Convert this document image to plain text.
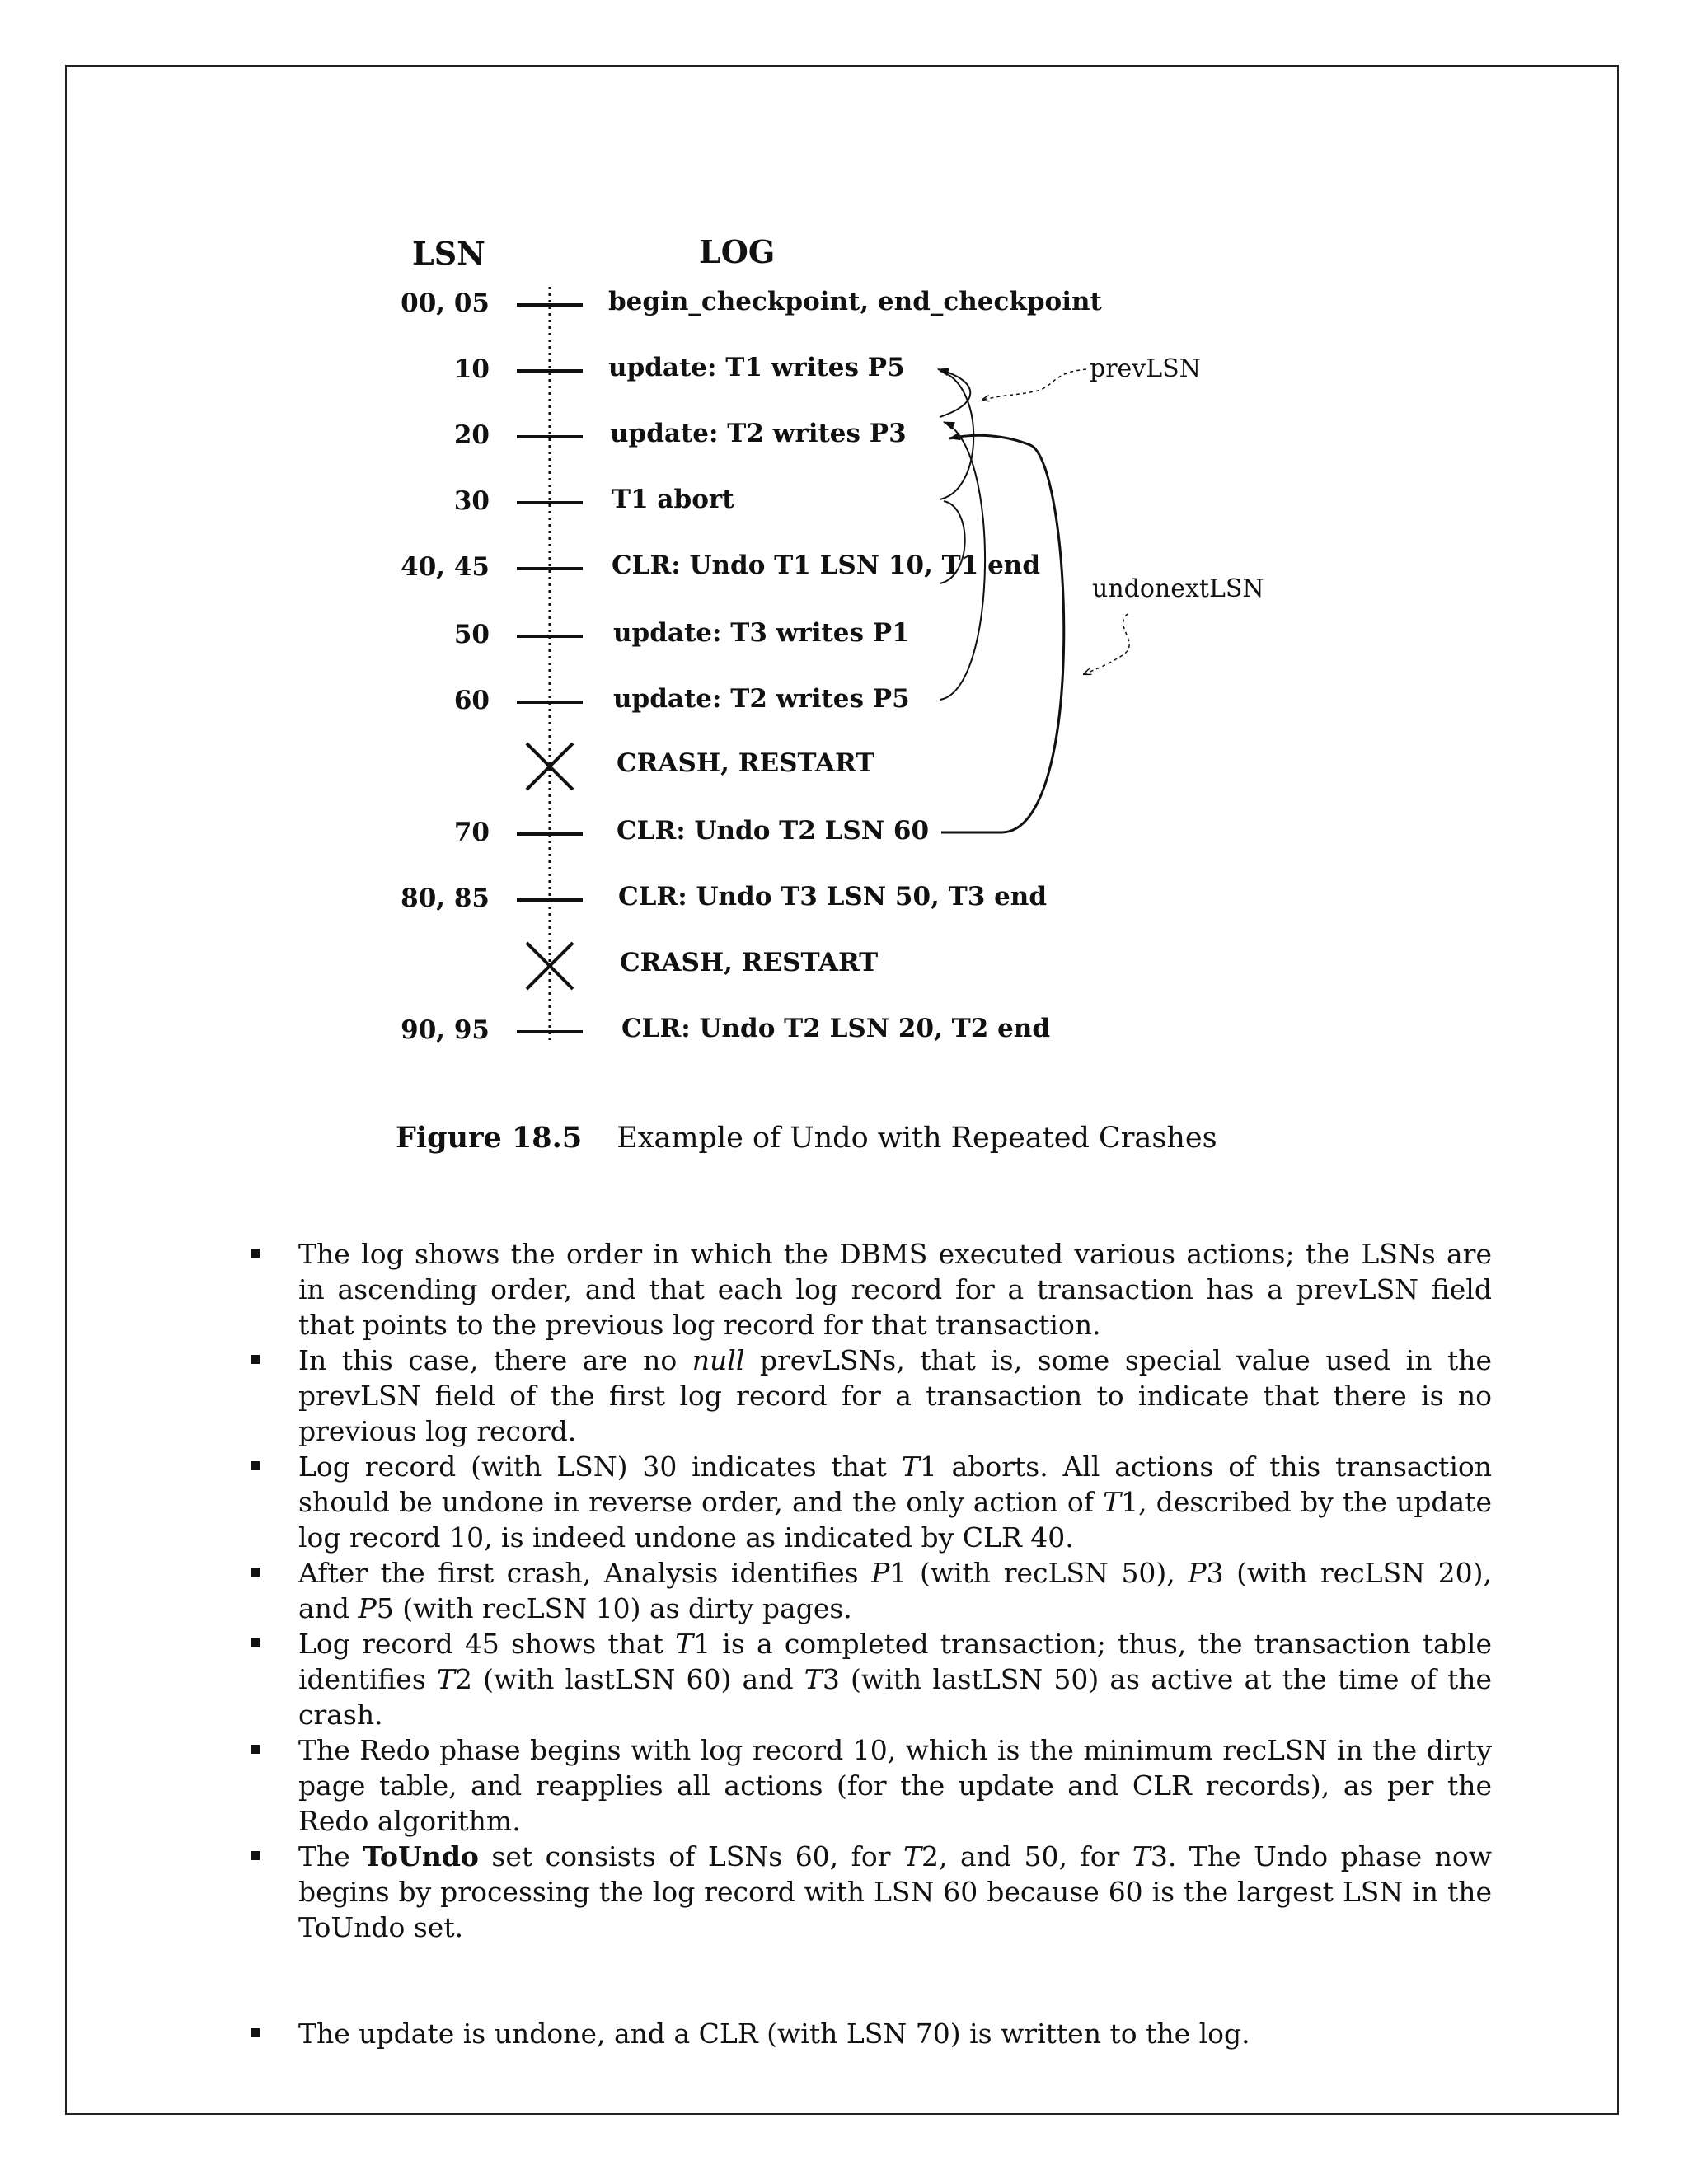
LSN	LOG
00, 05	begin_checkpoint, end_checkpoint
10	update: T1 writes P5
20	update: T2 writes P3
30	T1 abort
40, 45	CLR: Undo T1 LSN 10, T1 end
50	update: T3 writes P1
60	update: T2 writes P5
CRASH, RESTART
70	CLR: Undo T2 LSN 60
80, 85	CLR: Undo T3 LSN 50, T3 end
CRASH, RESTART
90, 95	CLR: Undo T2 LSN 20, T2 end
prevLSN
undonextLSN
Figure 18.5 Example of Undo with Repeated Crashes
The log shows the order in which the DBMS executed various actions; the LSNs are in ascending order, and that each log record for a transaction has a prevLSN field that points to the previous log record for that transaction.
In this case, there are no null prevLSNs, that is, some special value used in the prevLSN field of the first log record for a transaction to indicate that there is no previous log record.
Log record (with LSN) 30 indicates that T1 aborts. All actions of this transaction should be undone in reverse order, and the only action of T1, described by the update log record 10, is indeed undone as indicated by CLR 40.
After the first crash, Analysis identifies P1 (with recLSN 50), P3 (with recLSN 20), and P5 (with recLSN 10) as dirty pages.
Log record 45 shows that T1 is a completed transaction; thus, the transaction table identifies T2 (with lastLSN 60) and T3 (with lastLSN 50) as active at the time of the crash.
The Redo phase begins with log record 10, which is the minimum recLSN in the dirty page table, and reapplies all actions (for the update and CLR records), as per the Redo algorithm.
The ToUndo set consists of LSNs 60, for T2, and 50, for T3. The Undo phase now begins by processing the log record with LSN 60 because 60 is the largest LSN in the ToUndo set.
The update is undone, and a CLR (with LSN 70) is written to the log.
